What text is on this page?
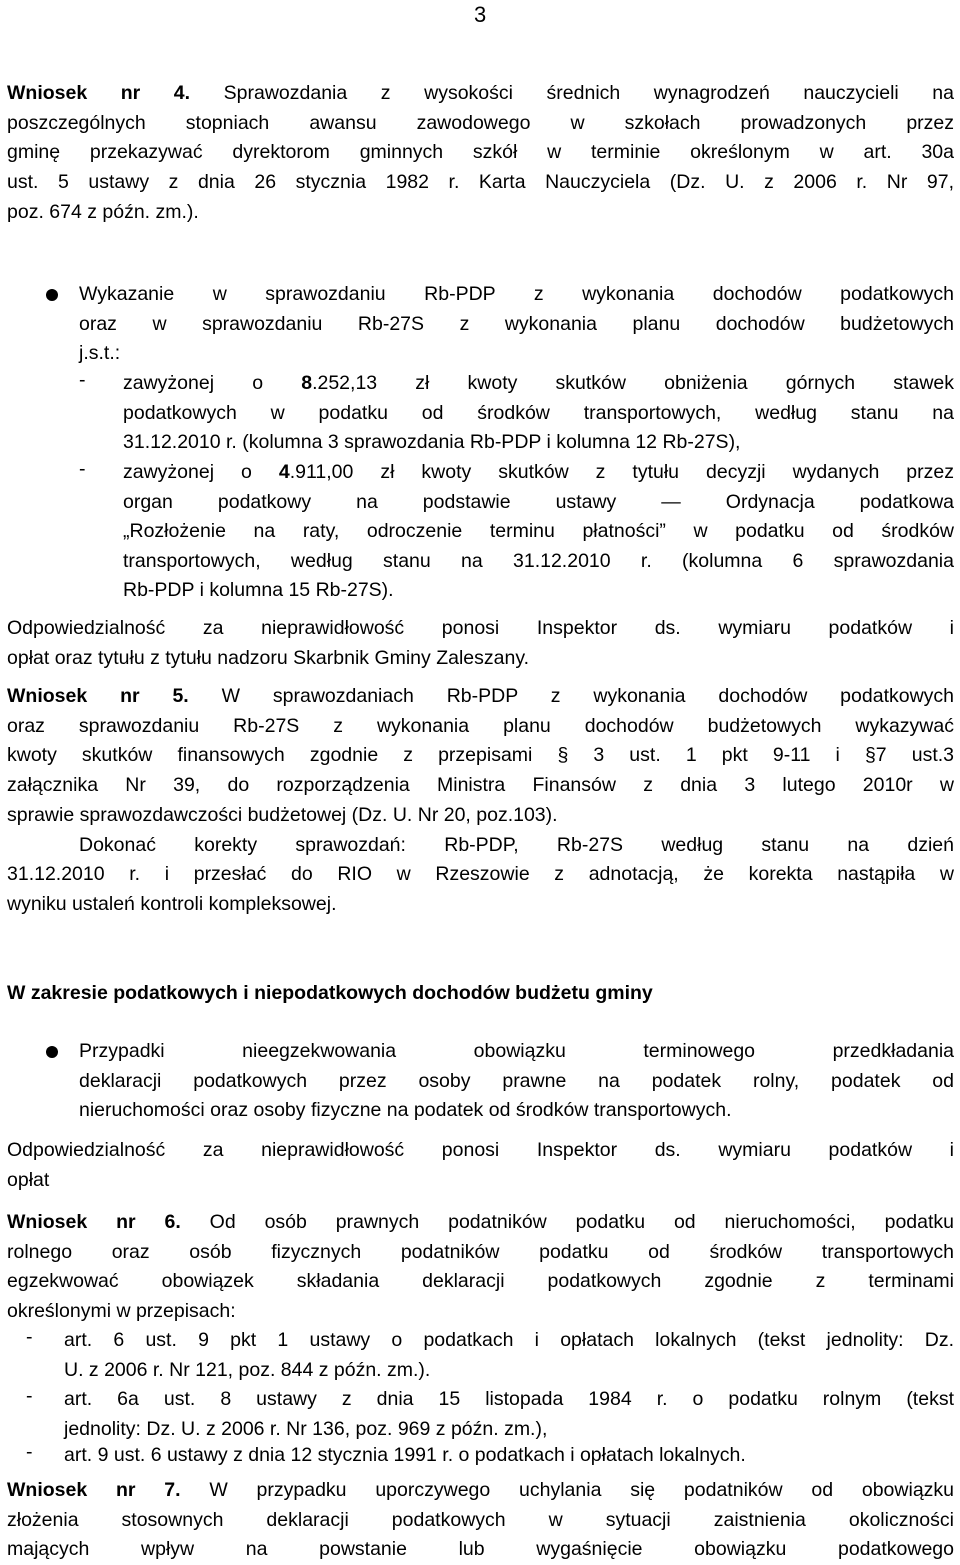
3
Wniosek nr 4. Sprawozdania z wysokości średnich wynagrodzeń nauczycieli na
poszczególnych stopniach awansu zawodowego w szkołach prowadzonych przez
gminę przekazywać dyrektorom gminnych szkół w terminie określonym w art. 30a
ust. 5 ustawy z dnia 26 stycznia 1982 r. Karta Nauczyciela (Dz. U. z 2006 r. Nr 97,
poz. 674 z późn. zm.).
Wykazanie w sprawozdaniu Rb-PDP z wykonania dochodów podatkowych
oraz w sprawozdaniu Rb-27S z wykonania planu dochodów budżetowych
j.s.t.:
- zawyżonej o 8.252,13 zł kwoty skutków obniżenia górnych stawek
podatkowych w podatku od środków transportowych, według stanu na
31.12.2010 r. (kolumna 3 sprawozdania Rb-PDP i kolumna 12 Rb-27S),
- zawyżonej o 4.911,00 zł kwoty skutków z tytułu decyzji wydanych przez
organ podatkowy na podstawie ustawy — Ordynacja podatkowa
„Rozłożenie na raty, odroczenie terminu płatności” w podatku od środków
transportowych, według stanu na 31.12.2010 r. (kolumna 6 sprawozdania
Rb-PDP i kolumna 15 Rb-27S).
Odpowiedzialność za nieprawidłowość ponosi Inspektor ds. wymiaru podatków i
opłat oraz tytułu z tytułu nadzoru Skarbnik Gminy Zaleszany.
Wniosek nr 5. W sprawozdaniach Rb-PDP z wykonania dochodów podatkowych
oraz sprawozdaniu Rb-27S z wykonania planu dochodów budżetowych wykazywać
kwoty skutków finansowych zgodnie z przepisami § 3 ust. 1 pkt 9-11 i §7 ust.3
załącznika Nr 39, do rozporządzenia Ministra Finansów z dnia 3 lutego 2010r w
sprawie sprawozdawczości budżetowej (Dz. U. Nr 20, poz.103).
Dokonać korekty sprawozdań: Rb-PDP, Rb-27S według stanu na dzień
31.12.2010 r. i przesłać do RIO w Rzeszowie z adnotacją, że korekta nastąpiła w
wyniku ustaleń kontroli kompleksowej.
W zakresie podatkowych i niepodatkowych dochodów budżetu gminy
Przypadki nieegzekwowania obowiązku terminowego przedkładania
deklaracji podatkowych przez osoby prawne na podatek rolny, podatek od
nieruchomości oraz osoby fizyczne na podatek od środków transportowych.
Odpowiedzialność za nieprawidłowość ponosi Inspektor ds. wymiaru podatków i
opłat
Wniosek nr 6. Od osób prawnych podatników podatku od nieruchomości, podatku
rolnego oraz osób fizycznych podatników podatku od środków transportowych
egzekwować obowiązek składania deklaracji podatkowych zgodnie z terminami
określonymi w przepisach:
- art. 6 ust. 9 pkt 1 ustawy o podatkach i opłatach lokalnych (tekst jednolity: Dz.
U. z 2006 r. Nr 121, poz. 844 z późn. zm.).
- art. 6a ust. 8 ustawy z dnia 15 listopada 1984 r. o podatku rolnym (tekst
jednolity: Dz. U. z 2006 r. Nr 136, poz. 969 z późn. zm.),
- art. 9 ust. 6 ustawy z dnia 12 stycznia 1991 r. o podatkach i opłatach lokalnych.
Wniosek nr 7. W przypadku uporczywego uchylania się podatników od obowiązku
złożenia stosownych deklaracji podatkowych w sytuacji zaistnienia okoliczności
mających wpływ na powstanie lub wygaśnięcie obowiązku podatkowego
